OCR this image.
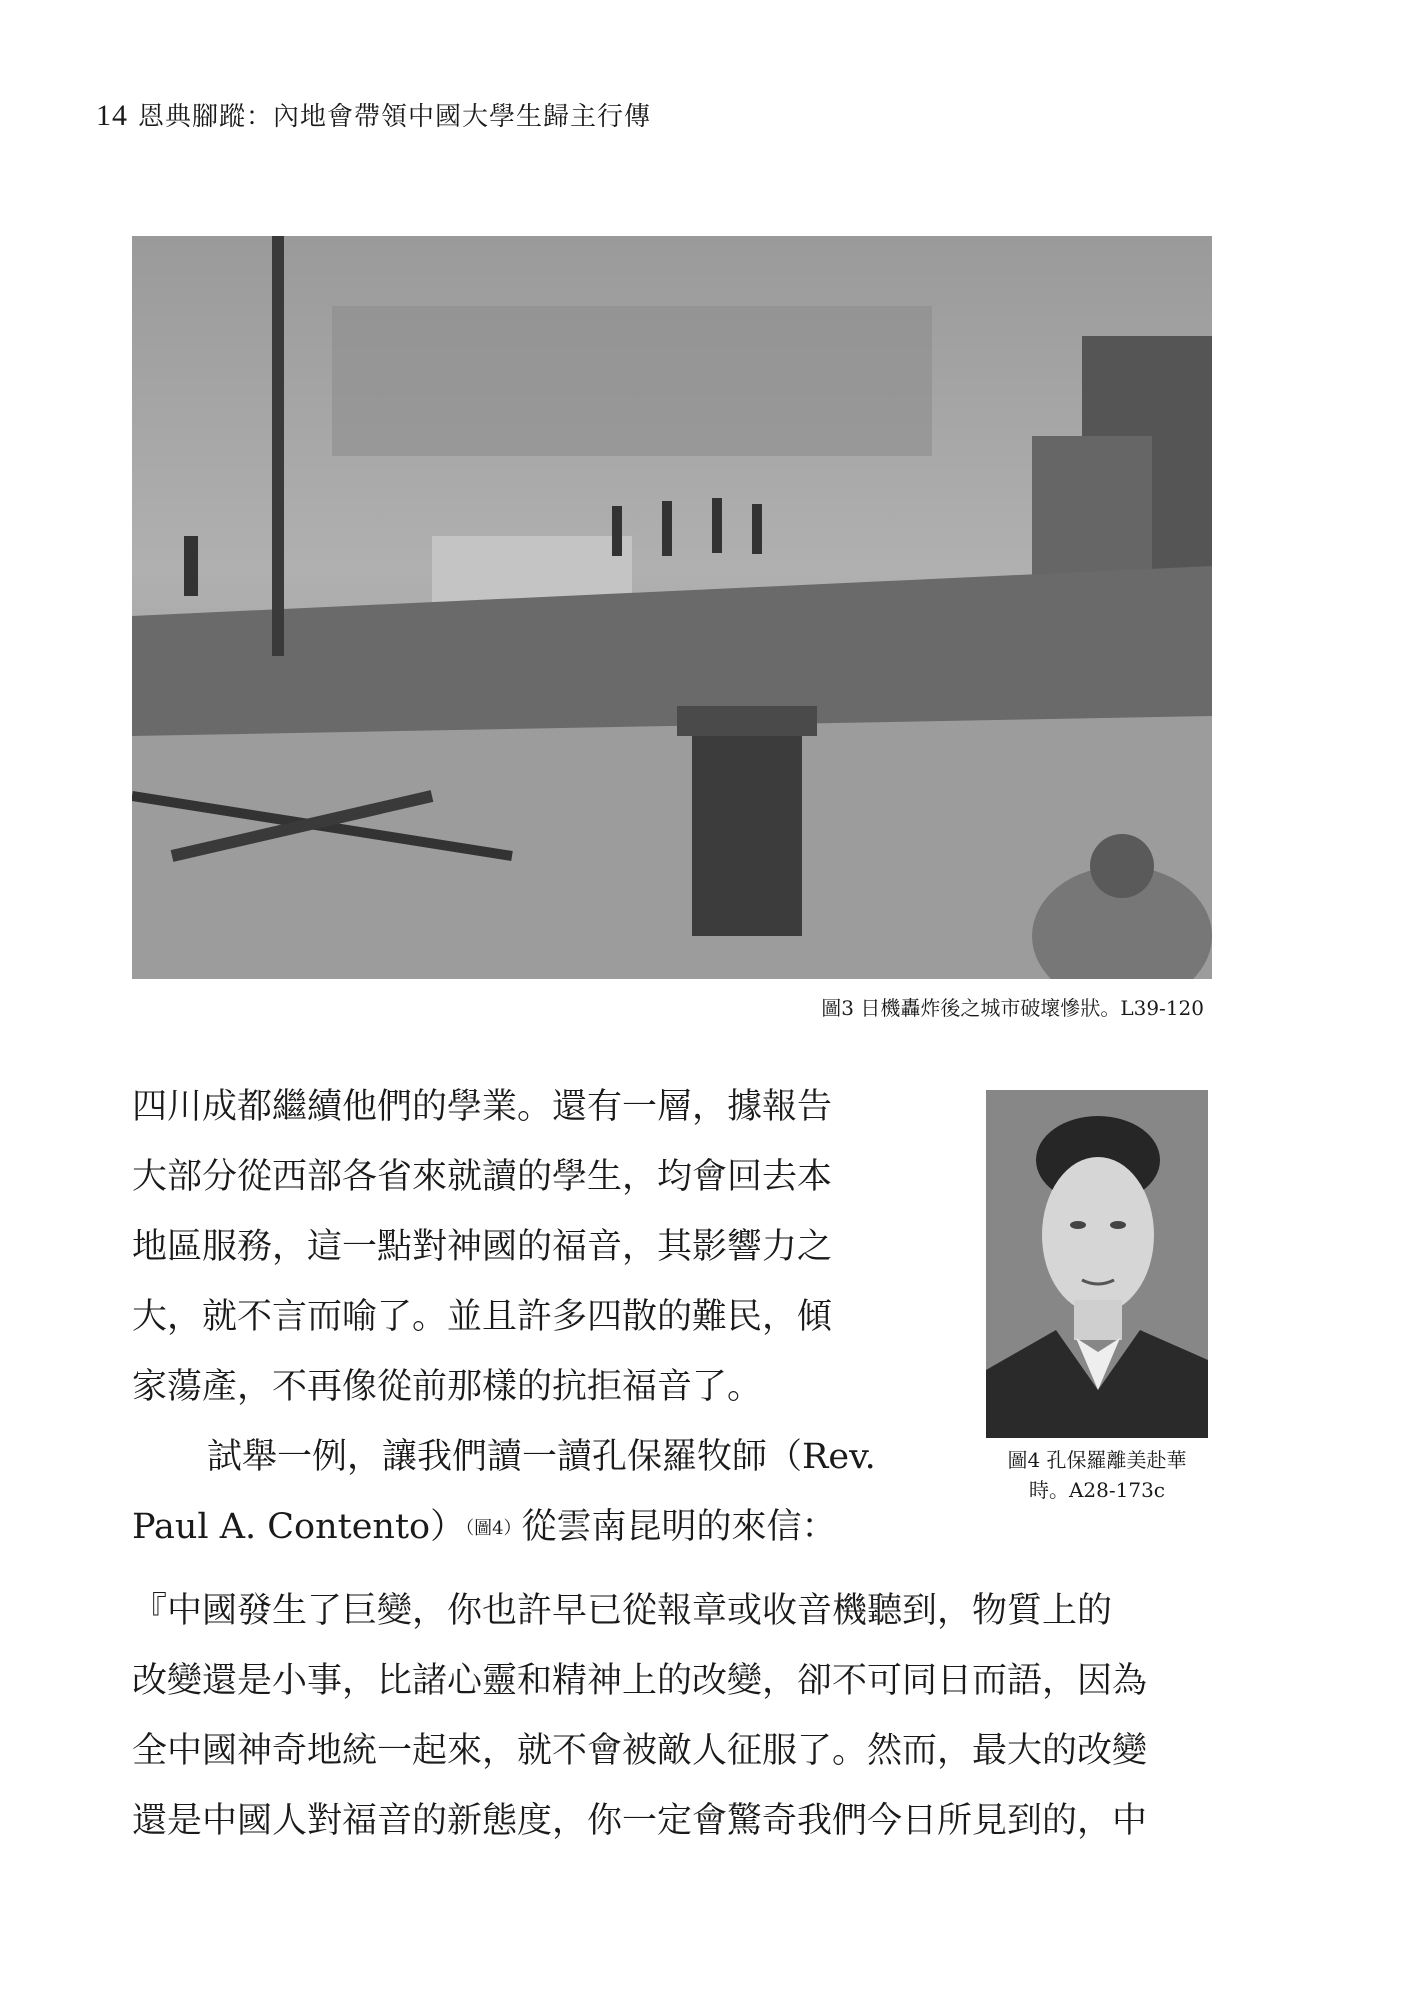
14 恩典腳蹤：內地會帶領中國大學生歸主行傳
圖3 日機轟炸後之城市破壞慘狀。L39-120

四川成都繼續他們的學業。還有一層，據報告

大部分從西部各省來就讀的學生，均會回去本

地區服務，這一點對神國的福音，其影響力之

大，就不言而喻了。並且許多四散的難民，傾

家蕩產，不再像從前那樣的抗拒福音了。

試舉一例，讓我們讀一讀孔保羅牧師（Rev.

Paul A. Contento）（圖4）從雲南昆明的來信：

圖4 孔保羅離美赴華
時。A28-173c

『中國發生了巨變，你也許早已從報章或收音機聽到，物質上的

改變還是小事，比諸心靈和精神上的改變，卻不可同日而語，因為

全中國神奇地統一起來，就不會被敵人征服了。然而，最大的改變

還是中國人對福音的新態度，你一定會驚奇我們今日所見到的，中
